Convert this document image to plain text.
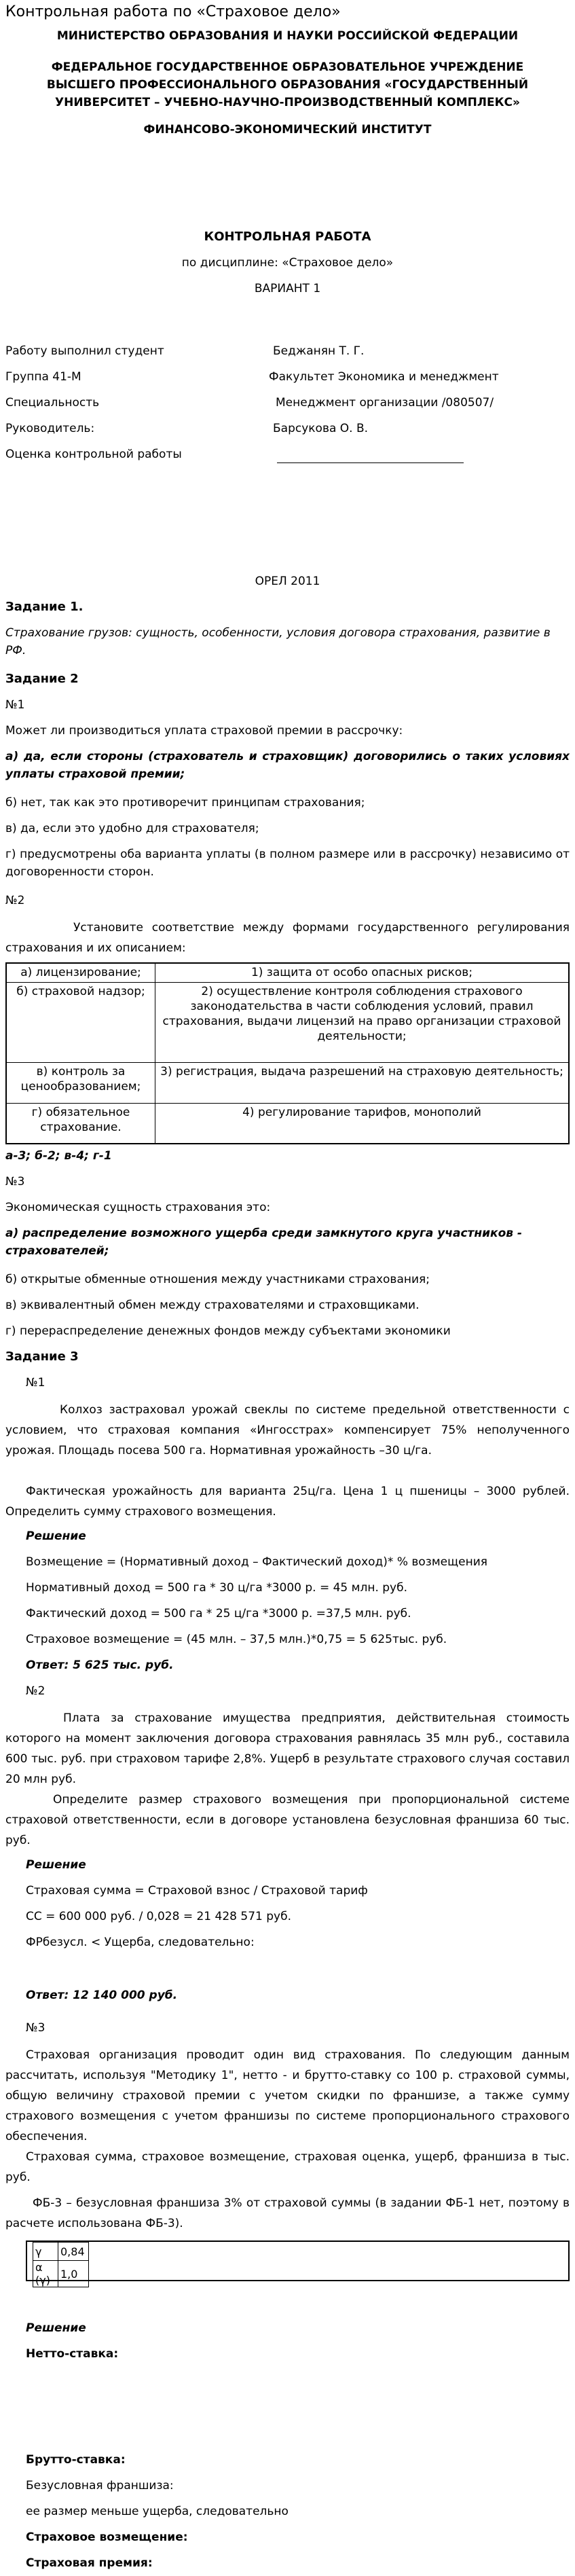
Контрольная работа по «Страховое дело»
МИНИСТЕРСТВО ОБРАЗОВАНИЯ И НАУКИ РОССИЙСКОЙ ФЕДЕРАЦИИ
ФЕДЕРАЛЬНОЕ ГОСУДАРСТВЕННОЕ ОБРАЗОВАТЕЛЬНОЕ УЧРЕЖДЕНИЕ ВЫСШЕГО ПРОФЕССИОНАЛЬНОГО ОБРАЗОВАНИЯ «ГОСУДАРСТВЕННЫЙ УНИВЕРСИТЕТ – УЧЕБНО-НАУЧНО-ПРОИЗВОДСТВЕННЫЙ КОМПЛЕКС»
ФИНАНСОВО-ЭКОНОМИЧЕСКИЙ ИНСТИТУТ
КОНТРОЛЬНАЯ РАБОТА
по дисциплине: «Страховое дело»
ВАРИАНТ 1
Работу выполнил студент	Беджанян Т. Г.
Группа 41-М	Факультет Экономика и менеджмент
Специальность	Менеджмент организации /080507/
Руководитель:	Барсукова О. В.
Оценка контрольной работы
ОРЕЛ 2011
Задание 1.
Страхование грузов: сущность, особенности, условия договора страхования, развитие в РФ.
Задание 2
№1
Может ли производиться уплата страховой премии в рассрочку:
а) да, если стороны (страхователь и страховщик) договорились о таких условиях уплаты страховой премии;
б) нет, так как это противоречит принципам страхования;
в) да, если это удобно для страхователя;
г) предусмотрены оба варианта уплаты (в полном размере или в рассрочку) независимо от договоренности сторон.
№2
Установите соответствие между формами государственного регулирования страхования и их описанием:
а) лицензирование;	1) защита от особо опасных рисков;
б) страховой надзор;	2) осуществление контроля соблюдения страхового законодательства в части соблюдения условий, правил страхования, выдачи лицензий на право организации страховой деятельности;
в) контроль за ценообразованием;	3) регистрация, выдача разрешений на страховую деятельность;
г) обязательное страхование.	4) регулирование тарифов, монополий
а-3; б-2; в-4; г-1
№3
Экономическая сущность страхования это:
а) распределение возможного ущерба среди замкнутого круга участников - страхователей;
б) открытые обменные отношения между участниками страхования;
в) эквивалентный обмен между страхователями и страховщиками.
г) перераспределение денежных фондов между субъектами экономики
Задание 3
№1
Колхоз застраховал урожай свеклы по системе предельной ответственности с условием, что страховая компания «Ингосстрах» компенсирует 75% неполученного урожая. Площадь посева 500 га. Нормативная урожайность –30 ц/га.
Фактическая урожайность для варианта 25ц/га. Цена 1 ц пшеницы – 3000 рублей. Определить сумму страхового возмещения.
Решение
Возмещение = (Нормативный доход – Фактический доход)* % возмещения
Нормативный доход = 500 га * 30 ц/га *3000 р. = 45 млн. руб.
Фактический доход = 500 га * 25 ц/га *3000 р. =37,5 млн. руб.
Страховое возмещение = (45 млн. – 37,5 млн.)*0,75 = 5 625тыс. руб.
Ответ: 5 625 тыс. руб.
№2
Плата за страхование имущества предприятия, действительная стоимость которого на момент заключения договора страхования равнялась 35 млн руб., составила 600 тыс. руб. при страховом тарифе 2,8%. Ущерб в результате страхового случая составил 20 млн руб.
Определите размер страхового возмещения при пропорциональной системе страховой ответственности, если в договоре установлена безусловная франшиза 60 тыс. руб.
Решение
Страховая сумма = Страховой взнос / Страховой тариф
СС = 600 000 руб. / 0,028 = 21 428 571 руб.
ФРбезусл. < Ущерба, следовательно:
Ответ: 12 140 000 руб.
№3
Страховая организация проводит один вид страхования. По следующим данным рассчитать, используя "Методику 1", нетто - и брутто-ставку со 100 р. страховой суммы, общую величину страховой премии с учетом скидки по франшизе, а также сумму страхового возмещения с учетом франшизы по системе пропорционального страхового обеспечения.
Страховая сумма, страховое возмещение, страховая оценка, ущерб, франшиза в тыс. руб.
ФБ-3 – безусловная франшиза 3% от страховой суммы (в задании ФБ-1 нет, поэтому в расчете использована ФБ-3).
γ	0,84
α (γ)	1,0
Решение
Нетто-ставка:
Брутто-ставка:
Безусловная франшиза:
ее размер меньше ущерба, следовательно
Страховое возмещение:
Страховая премия:
